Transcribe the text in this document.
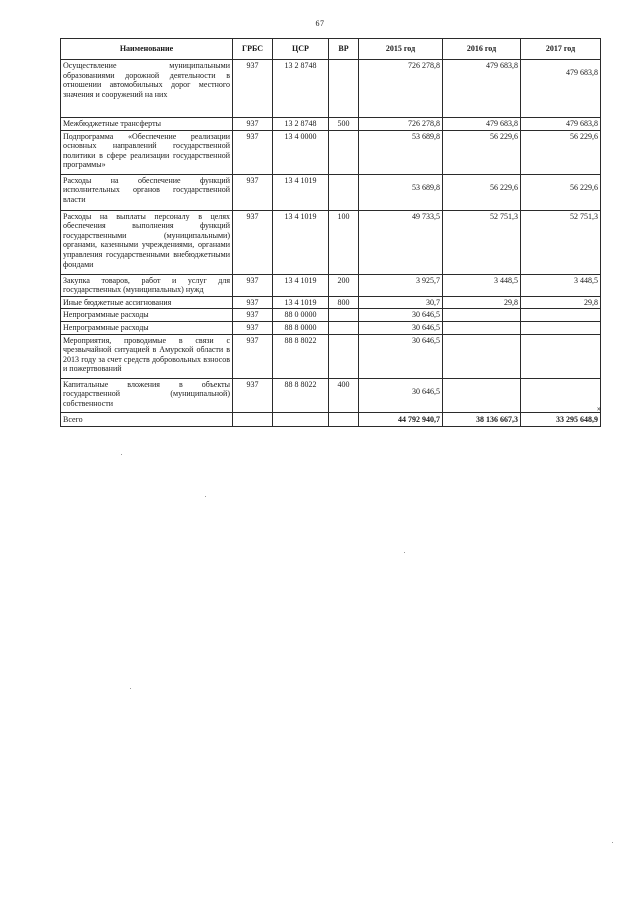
67
Наименование	ГРБС	ЦСР	ВР	2015 год	2016 год	2017 год
Осуществление муниципальными образованиями дорожной деятельности в отношении автомобильных дорог местного значения и сооружений на них	937	13 2 8748		726 278,8	479 683,8	479 683,8

Межбюджетные трансферты	937	13 2 8748	500	726 278,8	479 683,8	479 683,8

Подпрограмма «Обеспечение реализации основных направлений государственной политики в сфере реализации государственной программы»	937	13 4 0000		53 689,8	56 229,6	56 229,6

Расходы на обеспечение функций исполнительных органов государственной власти	937	13 4 1019		53 689,8	56 229,6	56 229,6

Расходы на выплаты персоналу в целях обеспечения выполнения функций государственными (муниципальными) органами, казенными учреждениями, органами управления государственными внебюджетными фондами	937	13 4 1019	100	49 733,5	52 751,3	52 751,3

Закупка товаров, работ и услуг для государственных (муниципальных) нужд	937	13 4 1019	200	3 925,7	3 448,5	3 448,5

Иные бюджетные ассигнования	937	13 4 1019	800	30,7	29,8	29,8

Непрограммные расходы	937	88 0 0000		30 646,5		

Непрограммные расходы	937	88 8 0000		30 646,5		

Мероприятия, проводимые в связи с чрезвычайной ситуацией в Амурской области в 2013 году за счет средств добровольных взносов и пожертвований	937	88 8 8022		30 646,5		

Капитальные вложения в объекты государственной (муниципальной) собственности	937	88 8 8022	400	30 646,5		

Всего				44 792 940,7	38 136 667,3	33 295 648,9
»
